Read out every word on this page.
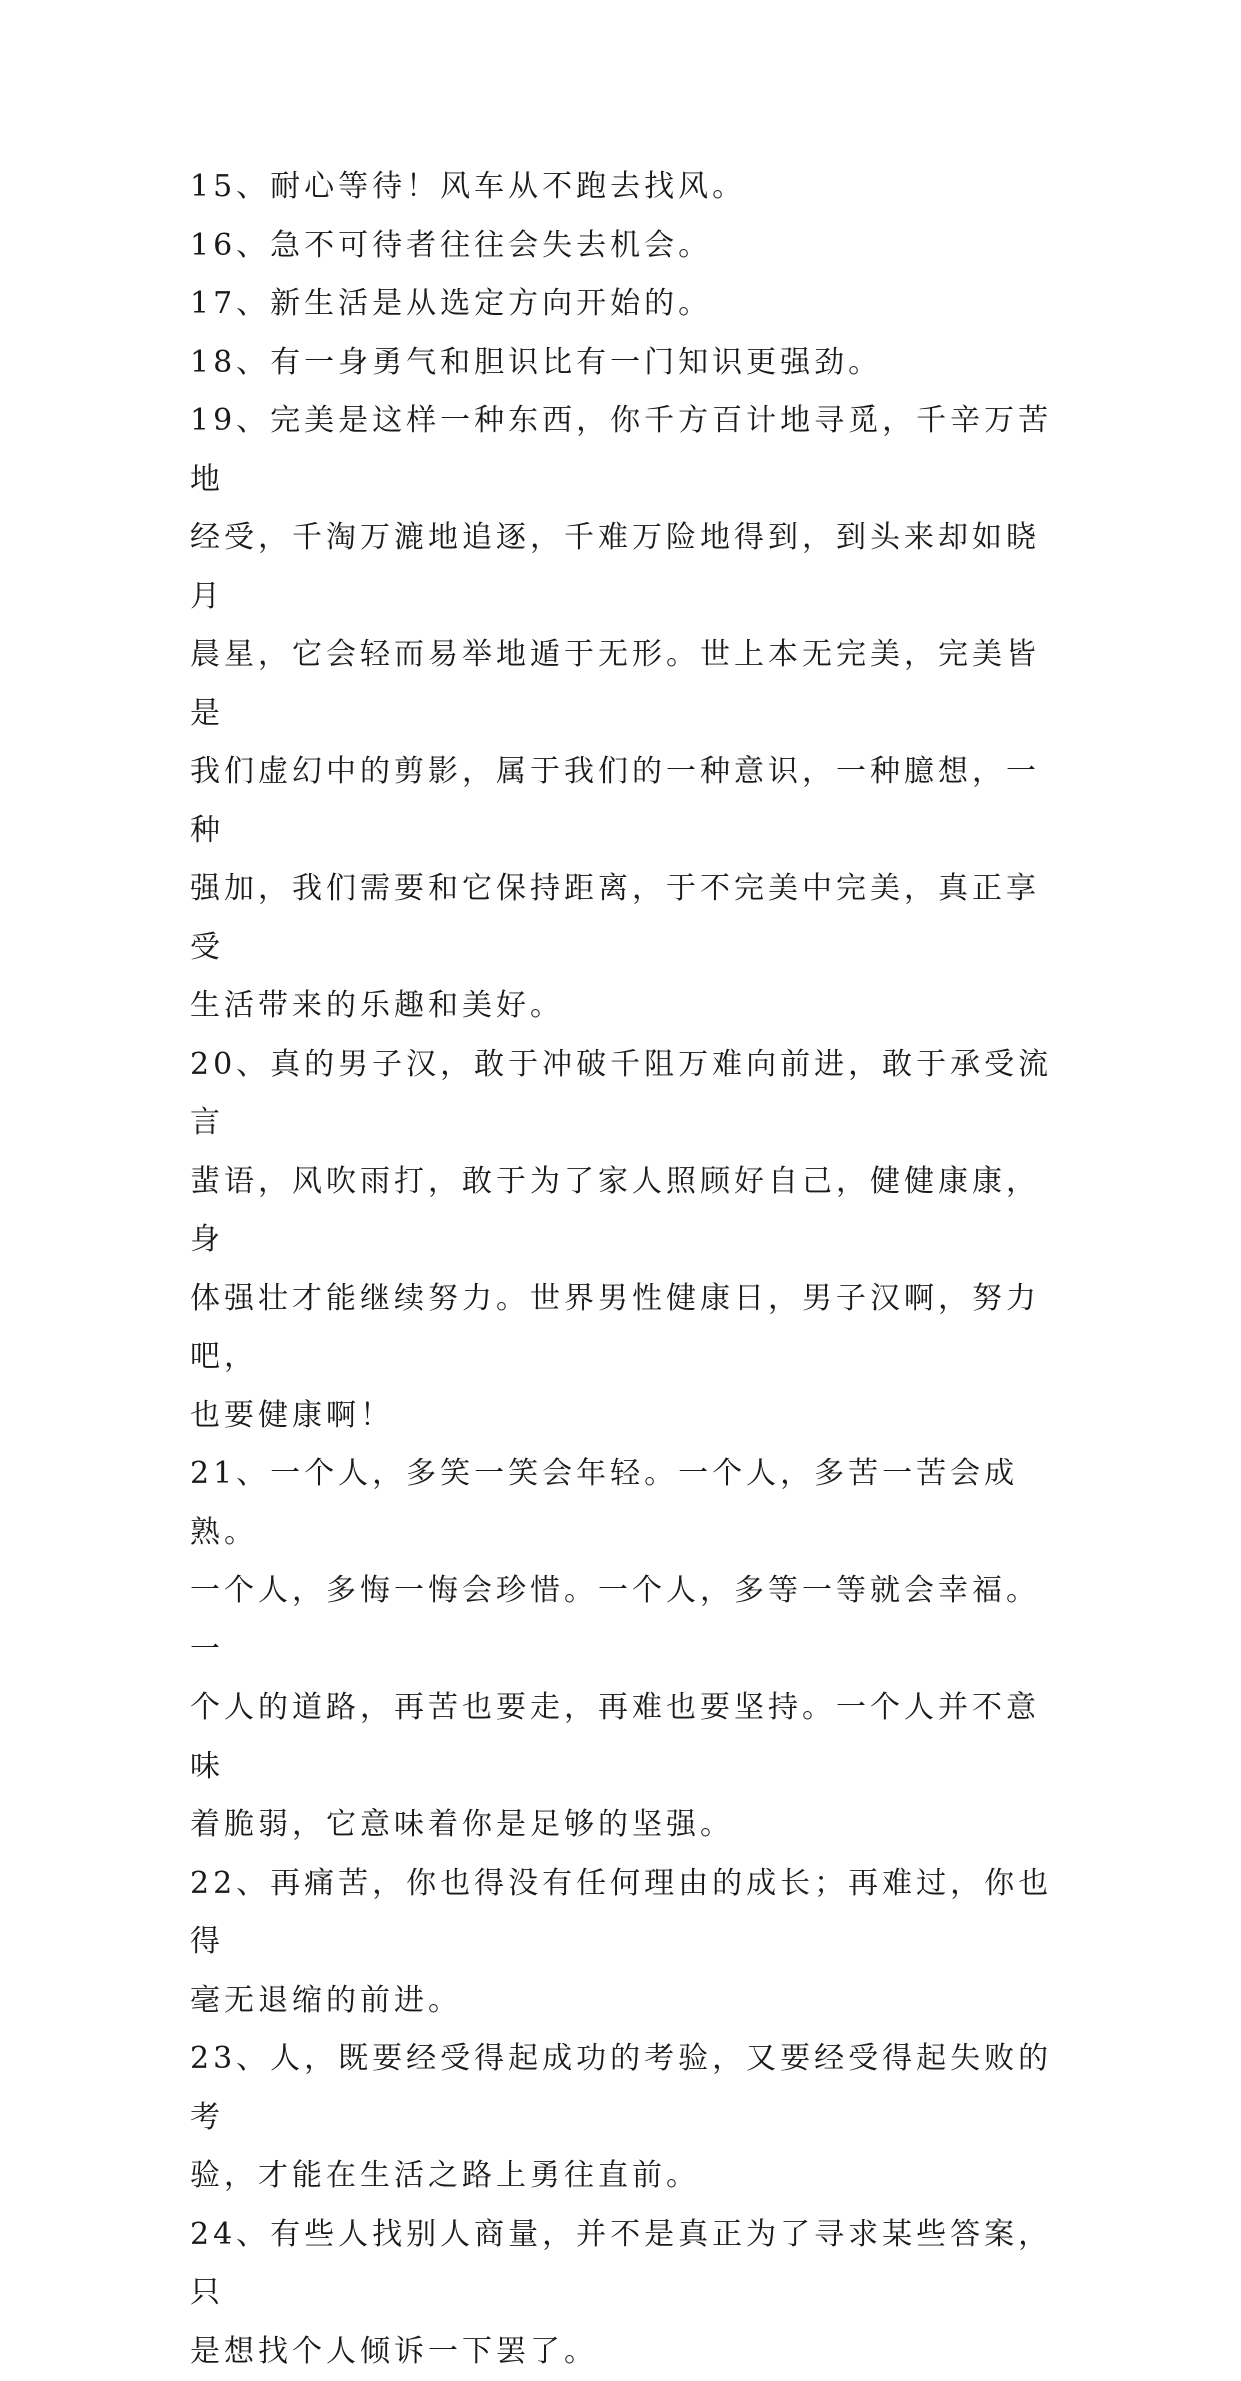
15、耐心等待！风车从不跑去找风。

16、急不可待者往往会失去机会。

17、新生活是从选定方向开始的。

18、有一身勇气和胆识比有一门知识更强劲。

19、完美是这样一种东西，你千方百计地寻觅，千辛万苦地
经受，千淘万漉地追逐，千难万险地得到，到头来却如晓月
晨星，它会轻而易举地遁于无形。世上本无完美，完美皆是
我们虚幻中的剪影，属于我们的一种意识，一种臆想，一种
强加，我们需要和它保持距离，于不完美中完美，真正享受
生活带来的乐趣和美好。
20、真的男子汉，敢于冲破千阻万难向前进，敢于承受流言
蜚语，风吹雨打，敢于为了家人照顾好自己，健健康康，身
体强壮才能继续努力。世界男性健康日，男子汉啊，努力吧，
也要健康啊！
21、一个人，多笑一笑会年轻。一个人，多苦一苦会成熟。
一个人，多悔一悔会珍惜。一个人，多等一等就会幸福。一
个人的道路，再苦也要走，再难也要坚持。一个人并不意味
着脆弱，它意味着你是足够的坚强。
22、再痛苦，你也得没有任何理由的成长；再难过，你也得
毫无退缩的前进。
23、人，既要经受得起成功的考验，又要经受得起失败的考
验，才能在生活之路上勇往直前。
24、有些人找别人商量，并不是真正为了寻求某些答案，只
是想找个人倾诉一下罢了。
